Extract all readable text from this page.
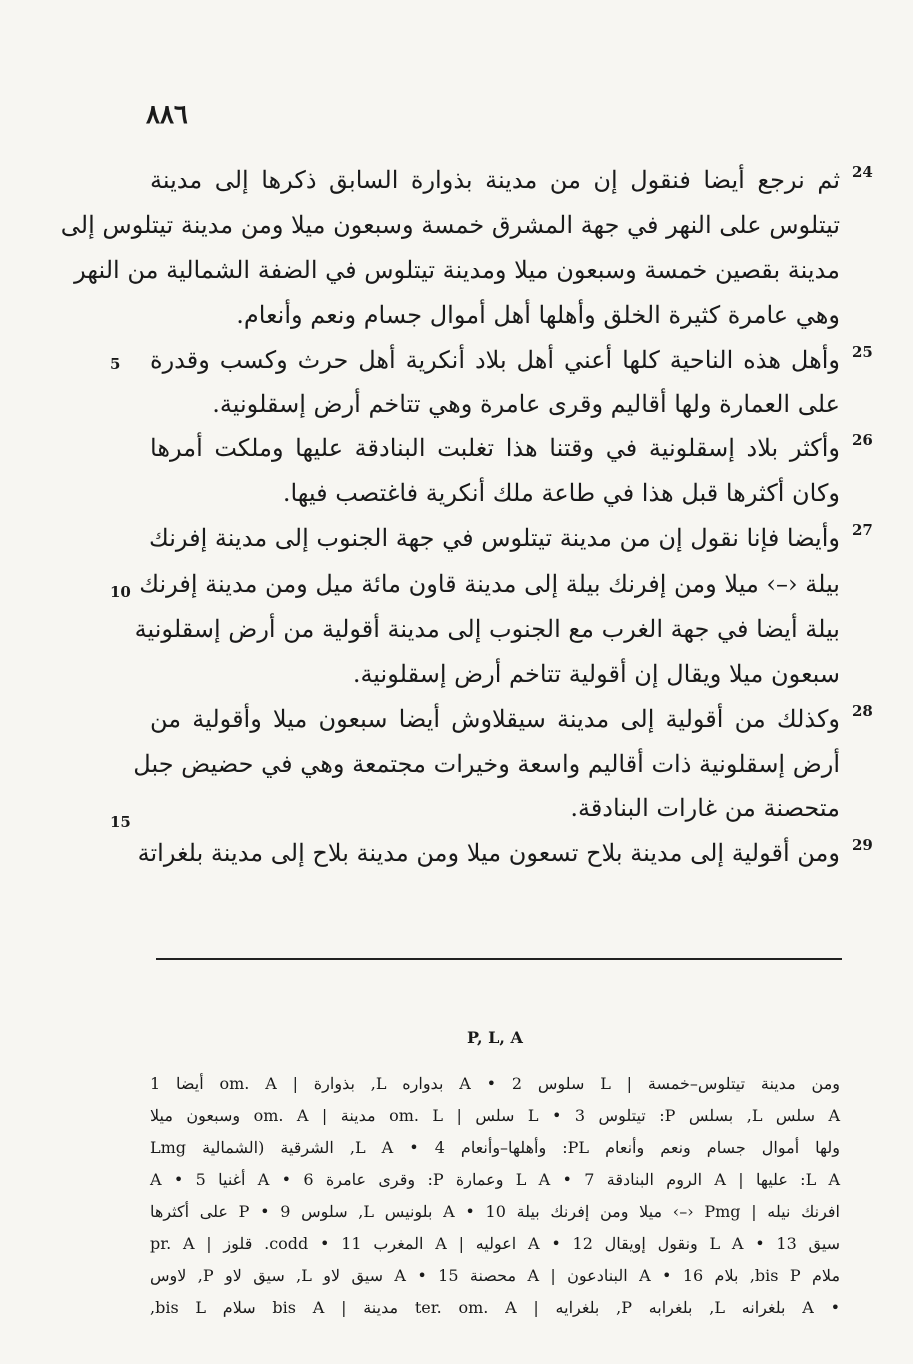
٨٨٦
24
25
26
27
28
29
5
10
15
ثم نرجع أيضا فنقول إن من مدينة بذوارة السابق ذكرها إلى مدينة
تيتلوس على النهر في جهة المشرق خمسة وسبعون ميلا ومن مدينة تيتلوس إلى
مدينة بقصين خمسة وسبعون ميلا ومدينة تيتلوس في الضفة الشمالية من النهر
وهي عامرة كثيرة الخلق وأهلها أهل أموال جسام ونعم وأنعام.
وأهل هذه الناحية كلها أعني أهل بلاد أنكرية أهل حرث وكسب وقدرة
على العمارة ولها أقاليم وقرى عامرة وهي تتاخم أرض إسقلونية.
وأكثر بلاد إسقلونية في وقتنا هذا تغلبت البنادقة عليها وملكت أمرها
وكان أكثرها قبل هذا في طاعة ملك أنكرية فاغتصب فيها.
وأيضا فإنا نقول إن من مدينة تيتلوس في جهة الجنوب إلى مدينة إفرنك
بيلة ‹–› ميلا ومن إفرنك بيلة إلى مدينة قاون مائة ميل ومن مدينة إفرنك
بيلة أيضا في جهة الغرب مع الجنوب إلى مدينة أقولية من أرض إسقلونية
سبعون ميلا ويقال إن أقولية تتاخم أرض إسقلونية.
وكذلك من أقولية إلى مدينة سيقلاوش أيضا سبعون ميلا وأقولية من
أرض إسقلونية ذات أقاليم واسعة وخيرات مجتمعة وهي في حضيض جبل
متحصنة من غارات البنادقة.
ومن أقولية إلى مدينة بلاح تسعون ميلا ومن مدينة بلاح إلى مدينة بلغراتة
P, L, A
ومن مدينة تيتلوس–خمسة | L سلوس 2 • A بدواره L, بذوارة | om. A أيضا 1
A سلس L, بسلس P: تيتلوس 3 • L سلس | om. L مدينة | om. A وسبعون ميلا
ولها أموال جسام ونعم وأنعام PL: وأهلها–وأنعام 4 • L A, الشرقية (الشمالية Lmg
L A: عليها | A الروم البنادقة 7 • L A وعمارة P: وقرى عامرة 6 • A أغنيا 5 • A
افرنك نيله | Pmg ‹–› ميلا ومن إفرنك بيلة 10 • A بلونيس L, سلوس 9 • P على أكثرها
سيق 13 • L A ونقول إويقال 12 • A اعوليه | A المغرب 11 • codd. قلوز | pr. A
ملام bis P, بلام 16 • A البنادعون | A محصنة 15 • A سيق لاو L, سيق لاو P, لاوس
• A بلغرانه L, بلغرابه P, بلغرايه | ter. om. A مدينة | bis A سلام bis L,
